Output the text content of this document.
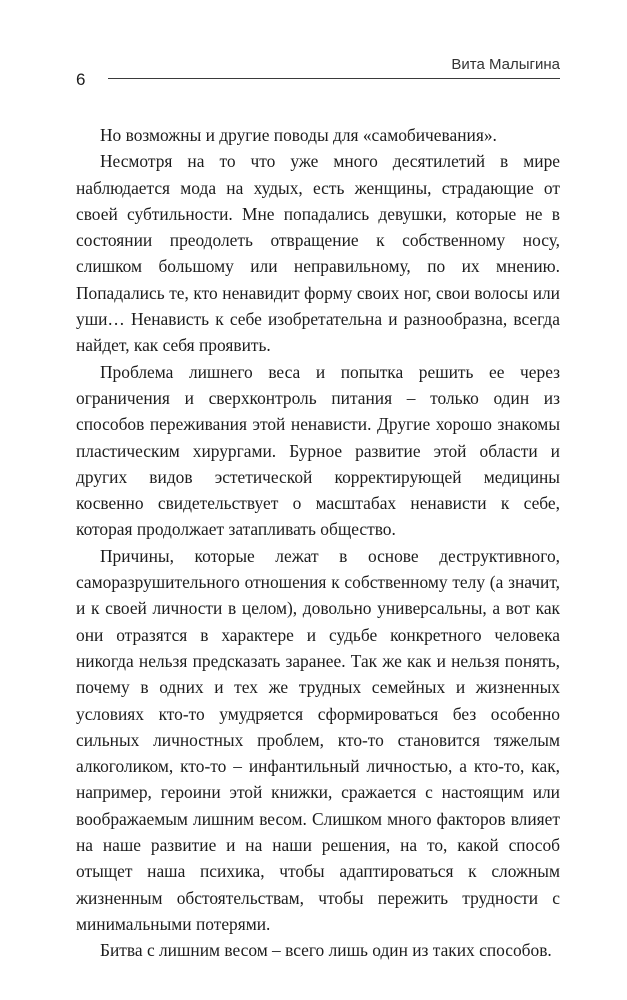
6
Вита Малыгина

Но возможны и другие поводы для «самобичевания».

Несмотря на то что уже много десятилетий в мире наблюдается мода на худых, есть женщины, страдающие от своей субтильности. Мне попадались девушки, которые не в состоянии преодолеть отвращение к собственному носу, слишком большому или неправильному, по их мнению. Попадались те, кто ненавидит форму своих ног, свои волосы или уши… Ненависть к себе изобретательна и разнообразна, всегда найдет, как себя проявить.

Проблема лишнего веса и попытка решить ее через ограничения и сверхконтроль питания – только один из способов переживания этой ненависти. Другие хорошо знакомы пластическим хирургами. Бурное развитие этой области и других видов эстетической корректирующей медицины косвенно свидетельствует о масштабах ненависти к себе, которая продолжает затапливать общество.

Причины, которые лежат в основе деструктивного, саморазрушительного отношения к собственному телу (а значит, и к своей личности в целом), довольно универсальны, а вот как они отразятся в характере и судьбе конкретного человека никогда нельзя предсказать заранее. Так же как и нельзя понять, почему в одних и тех же трудных семейных и жизненных условиях кто-то умудряется сформироваться без особенно сильных личностных проблем, кто-то становится тяжелым алкоголиком, кто-то – инфантильный личностью, а кто-то, как, например, героини этой книжки, сражается с настоящим или воображаемым лишним весом. Слишком много факторов влияет на наше развитие и на наши решения, на то, какой способ отыщет наша психика, чтобы адаптироваться к сложным жизненным обстоятельствам, чтобы пережить трудности с минимальными потерями.

Битва с лишним весом – всего лишь один из таких способов.
